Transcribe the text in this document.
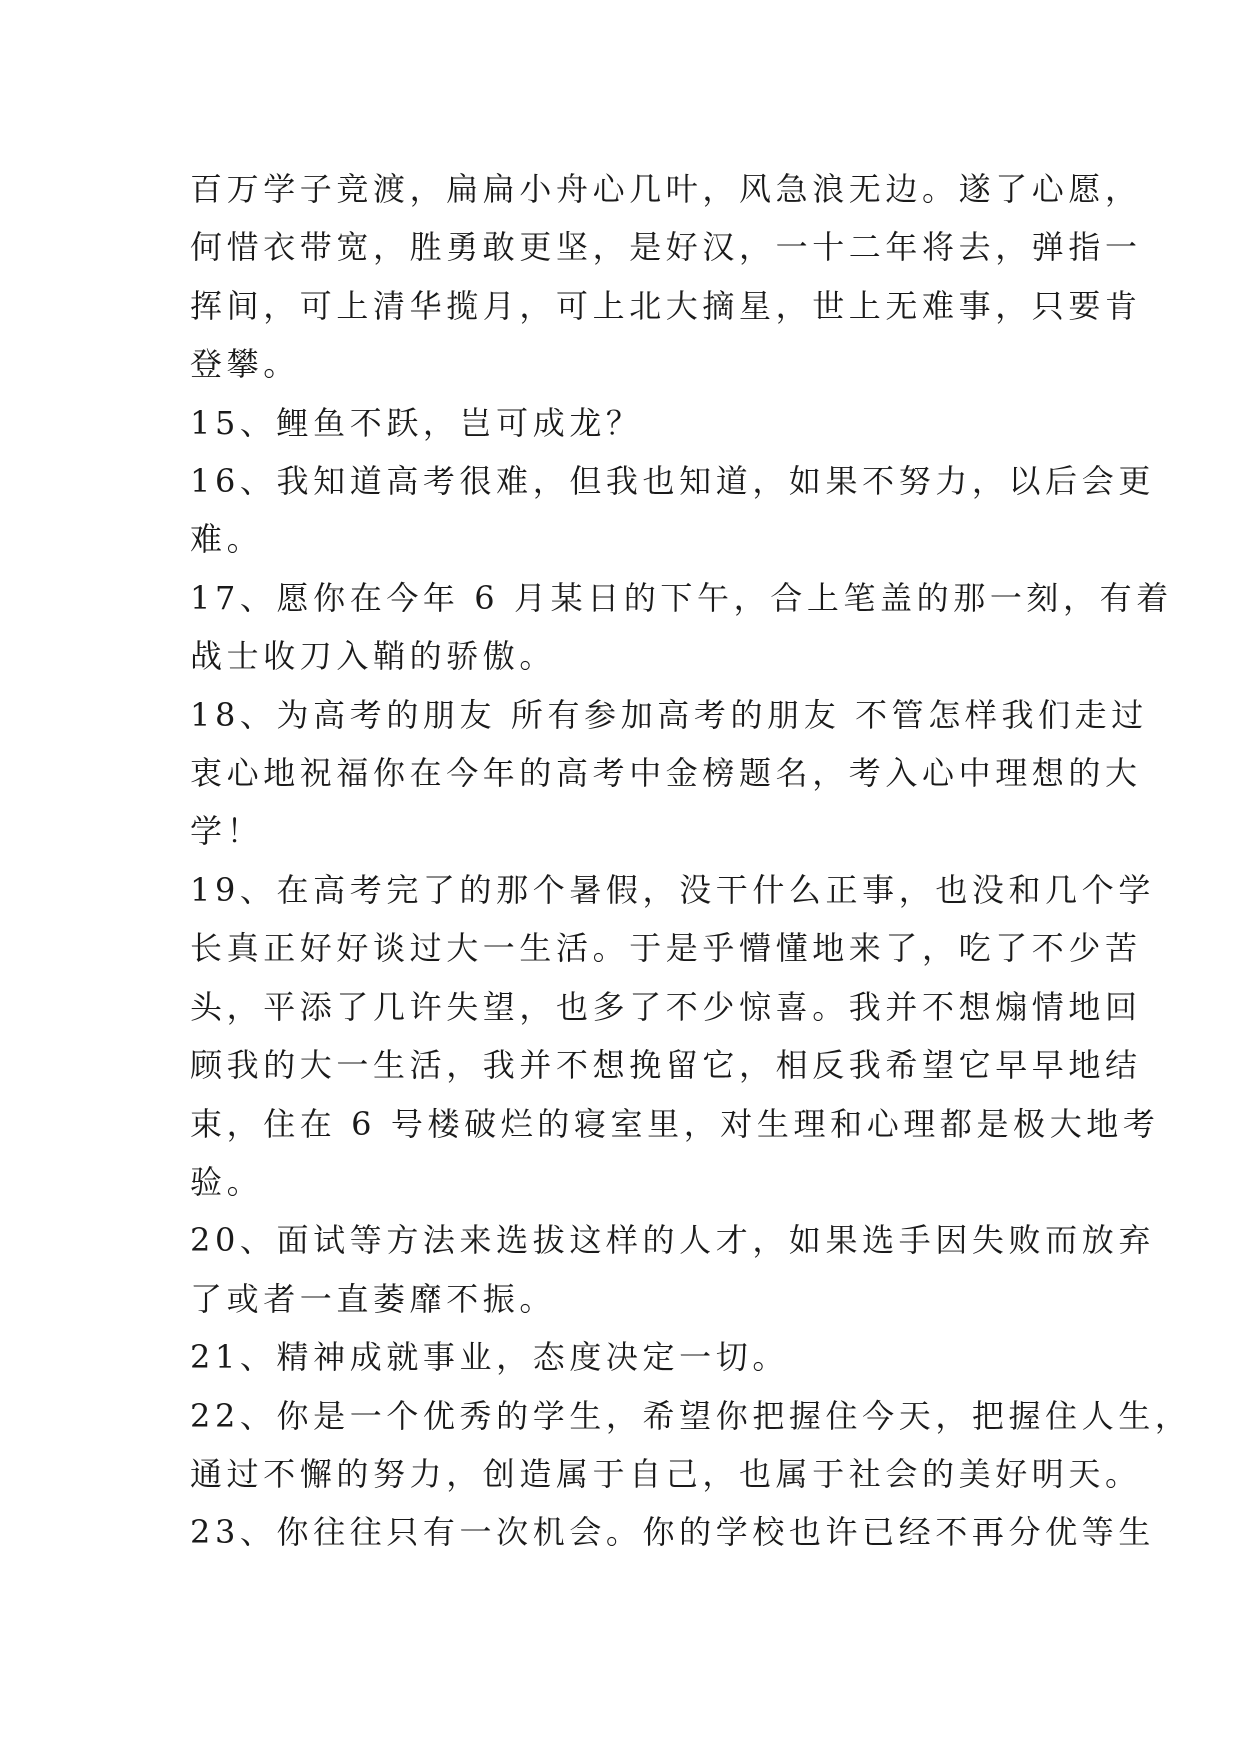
百万学子竞渡，扁扁小舟心几叶，风急浪无边。遂了心愿，
何惜衣带宽，胜勇敢更坚，是好汉，一十二年将去，弹指一
挥间，可上清华揽月，可上北大摘星，世上无难事，只要肯
登攀。
15、鲤鱼不跃，岂可成龙？
16、我知道高考很难，但我也知道，如果不努力，以后会更
难。
17、愿你在今年 6 月某日的下午，合上笔盖的那一刻，有着
战士收刀入鞘的骄傲。
18、为高考的朋友 所有参加高考的朋友 不管怎样我们走过
衷心地祝福你在今年的高考中金榜题名，考入心中理想的大
学！
19、在高考完了的那个暑假，没干什么正事，也没和几个学
长真正好好谈过大一生活。于是乎懵懂地来了，吃了不少苦
头，平添了几许失望，也多了不少惊喜。我并不想煽情地回
顾我的大一生活，我并不想挽留它，相反我希望它早早地结
束，住在 6 号楼破烂的寝室里，对生理和心理都是极大地考
验。
20、面试等方法来选拔这样的人才，如果选手因失败而放弃
了或者一直萎靡不振。
21、精神成就事业，态度决定一切。
22、你是一个优秀的学生，希望你把握住今天，把握住人生，
通过不懈的努力，创造属于自己，也属于社会的美好明天。
23、你往往只有一次机会。你的学校也许已经不再分优等生
